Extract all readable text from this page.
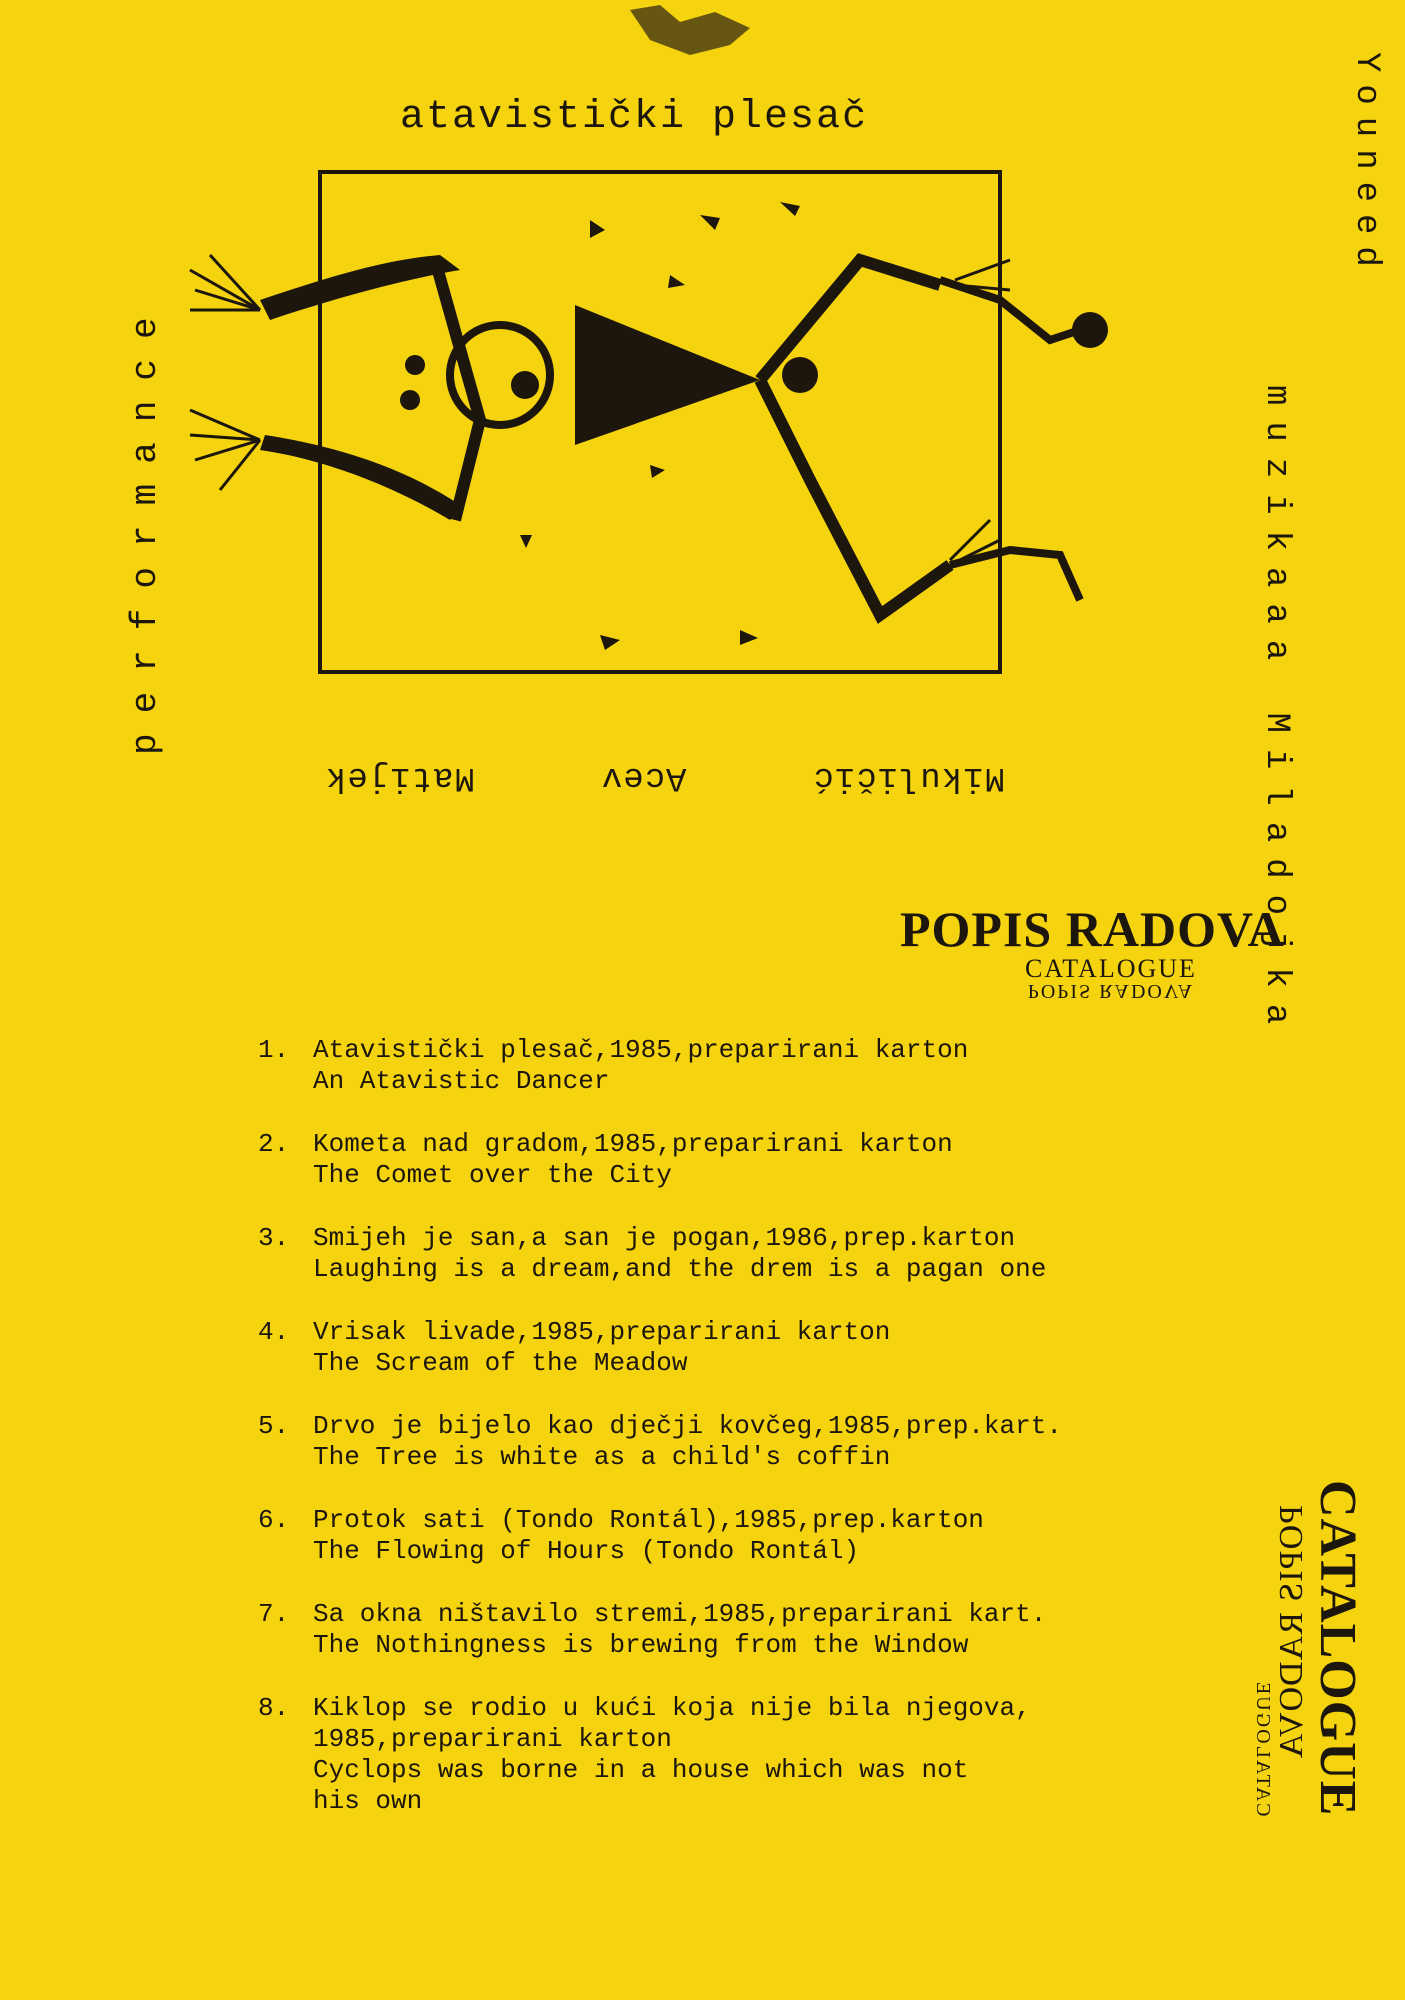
atavistički plesač
performance
Youneed
muzikaaa Miladojka
Mikuličić
Acev
Matijek
POPIS RADOVA
CATALOGUE
POPIS RADOVA
1. Atavistički plesač,1985,preparirani karton
An Atavistic Dancer
2. Kometa nad gradom,1985,preparirani karton
The Comet over the City
3. Smijeh je san,a san je pogan,1986,prep.karton
Laughing is a dream,and the drem is a pagan one
4. Vrisak livade,1985,preparirani karton
The Scream of the Meadow
5. Drvo je bijelo kao dječji kovčeg,1985,prep.kart.
The Tree is white as a child's coffin
6. Protok sati (Tondo Rontál),1985,prep.karton
The Flowing of Hours (Tondo Rontál)
7. Sa okna ništavilo stremi,1985,preparirani kart.
The Nothingness is brewing from the Window
8. Kiklop se rodio u kući koja nije bila njegova,
1985,preparirani karton
Cyclops was borne in a house which was not
his own	CATALOGUE
POPIS RADOVA
CATALOGUE
